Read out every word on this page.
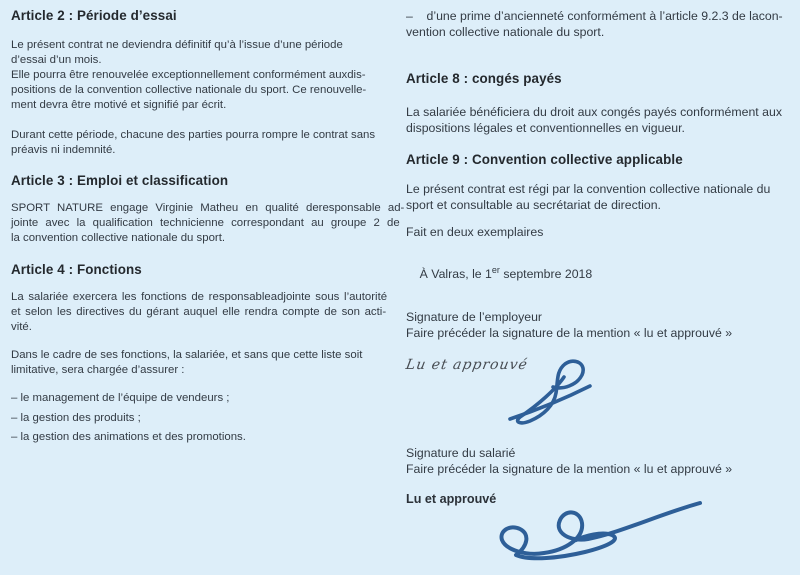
Article 2 : Période d’essai
Le présent contrat ne deviendra définitif qu’à l’issue d’une période
d’essai d’un mois.
Elle pourra être renouvelée exceptionnellement conformément auxdis-
positions de la convention collective nationale du sport. Ce renouvelle-
ment devra être motivé et signifié par écrit.
Durant cette période, chacune des parties pourra rompre le contrat sans
préavis ni indemnité.
Article 3 : Emploi et classification
SPORT NATURE engage Virginie Matheu en qualité deresponsable ad-
jointe avec la qualification technicienne correspondant au groupe 2 de
la convention collective nationale du sport.
Article 4 : Fonctions
La salariée exercera les fonctions de responsableadjointe sous l’autorité
et selon les directives du gérant auquel elle rendra compte de son acti-
vité.
Dans le cadre de ses fonctions, la salariée, et sans que cette liste soit
limitative, sera chargée d’assurer :
– le management de l’équipe de vendeurs ;
– la gestion des produits ;
– la gestion des animations et des promotions.
–    d’une prime d’ancienneté conformément à l’article 9.2.3 de lacon-
vention collective nationale du sport.
Article 8 : congés payés
La salariée bénéficiera du droit aux congés payés conformément aux
dispositions légales et conventionnelles en vigueur.
Article 9 : Convention collective applicable
Le présent contrat est régi par la convention collective nationale du
sport et consultable au secrétariat de direction.
Fait en deux exemplaires

À Valras, le 1er septembre 2018

Signature de l’employeur
Faire précéder la signature de la mention « lu et approuvé »
Lu et approuvé
Signature du salarié
Faire précéder la signature de la mention « lu et approuvé »
Lu et approuvé
